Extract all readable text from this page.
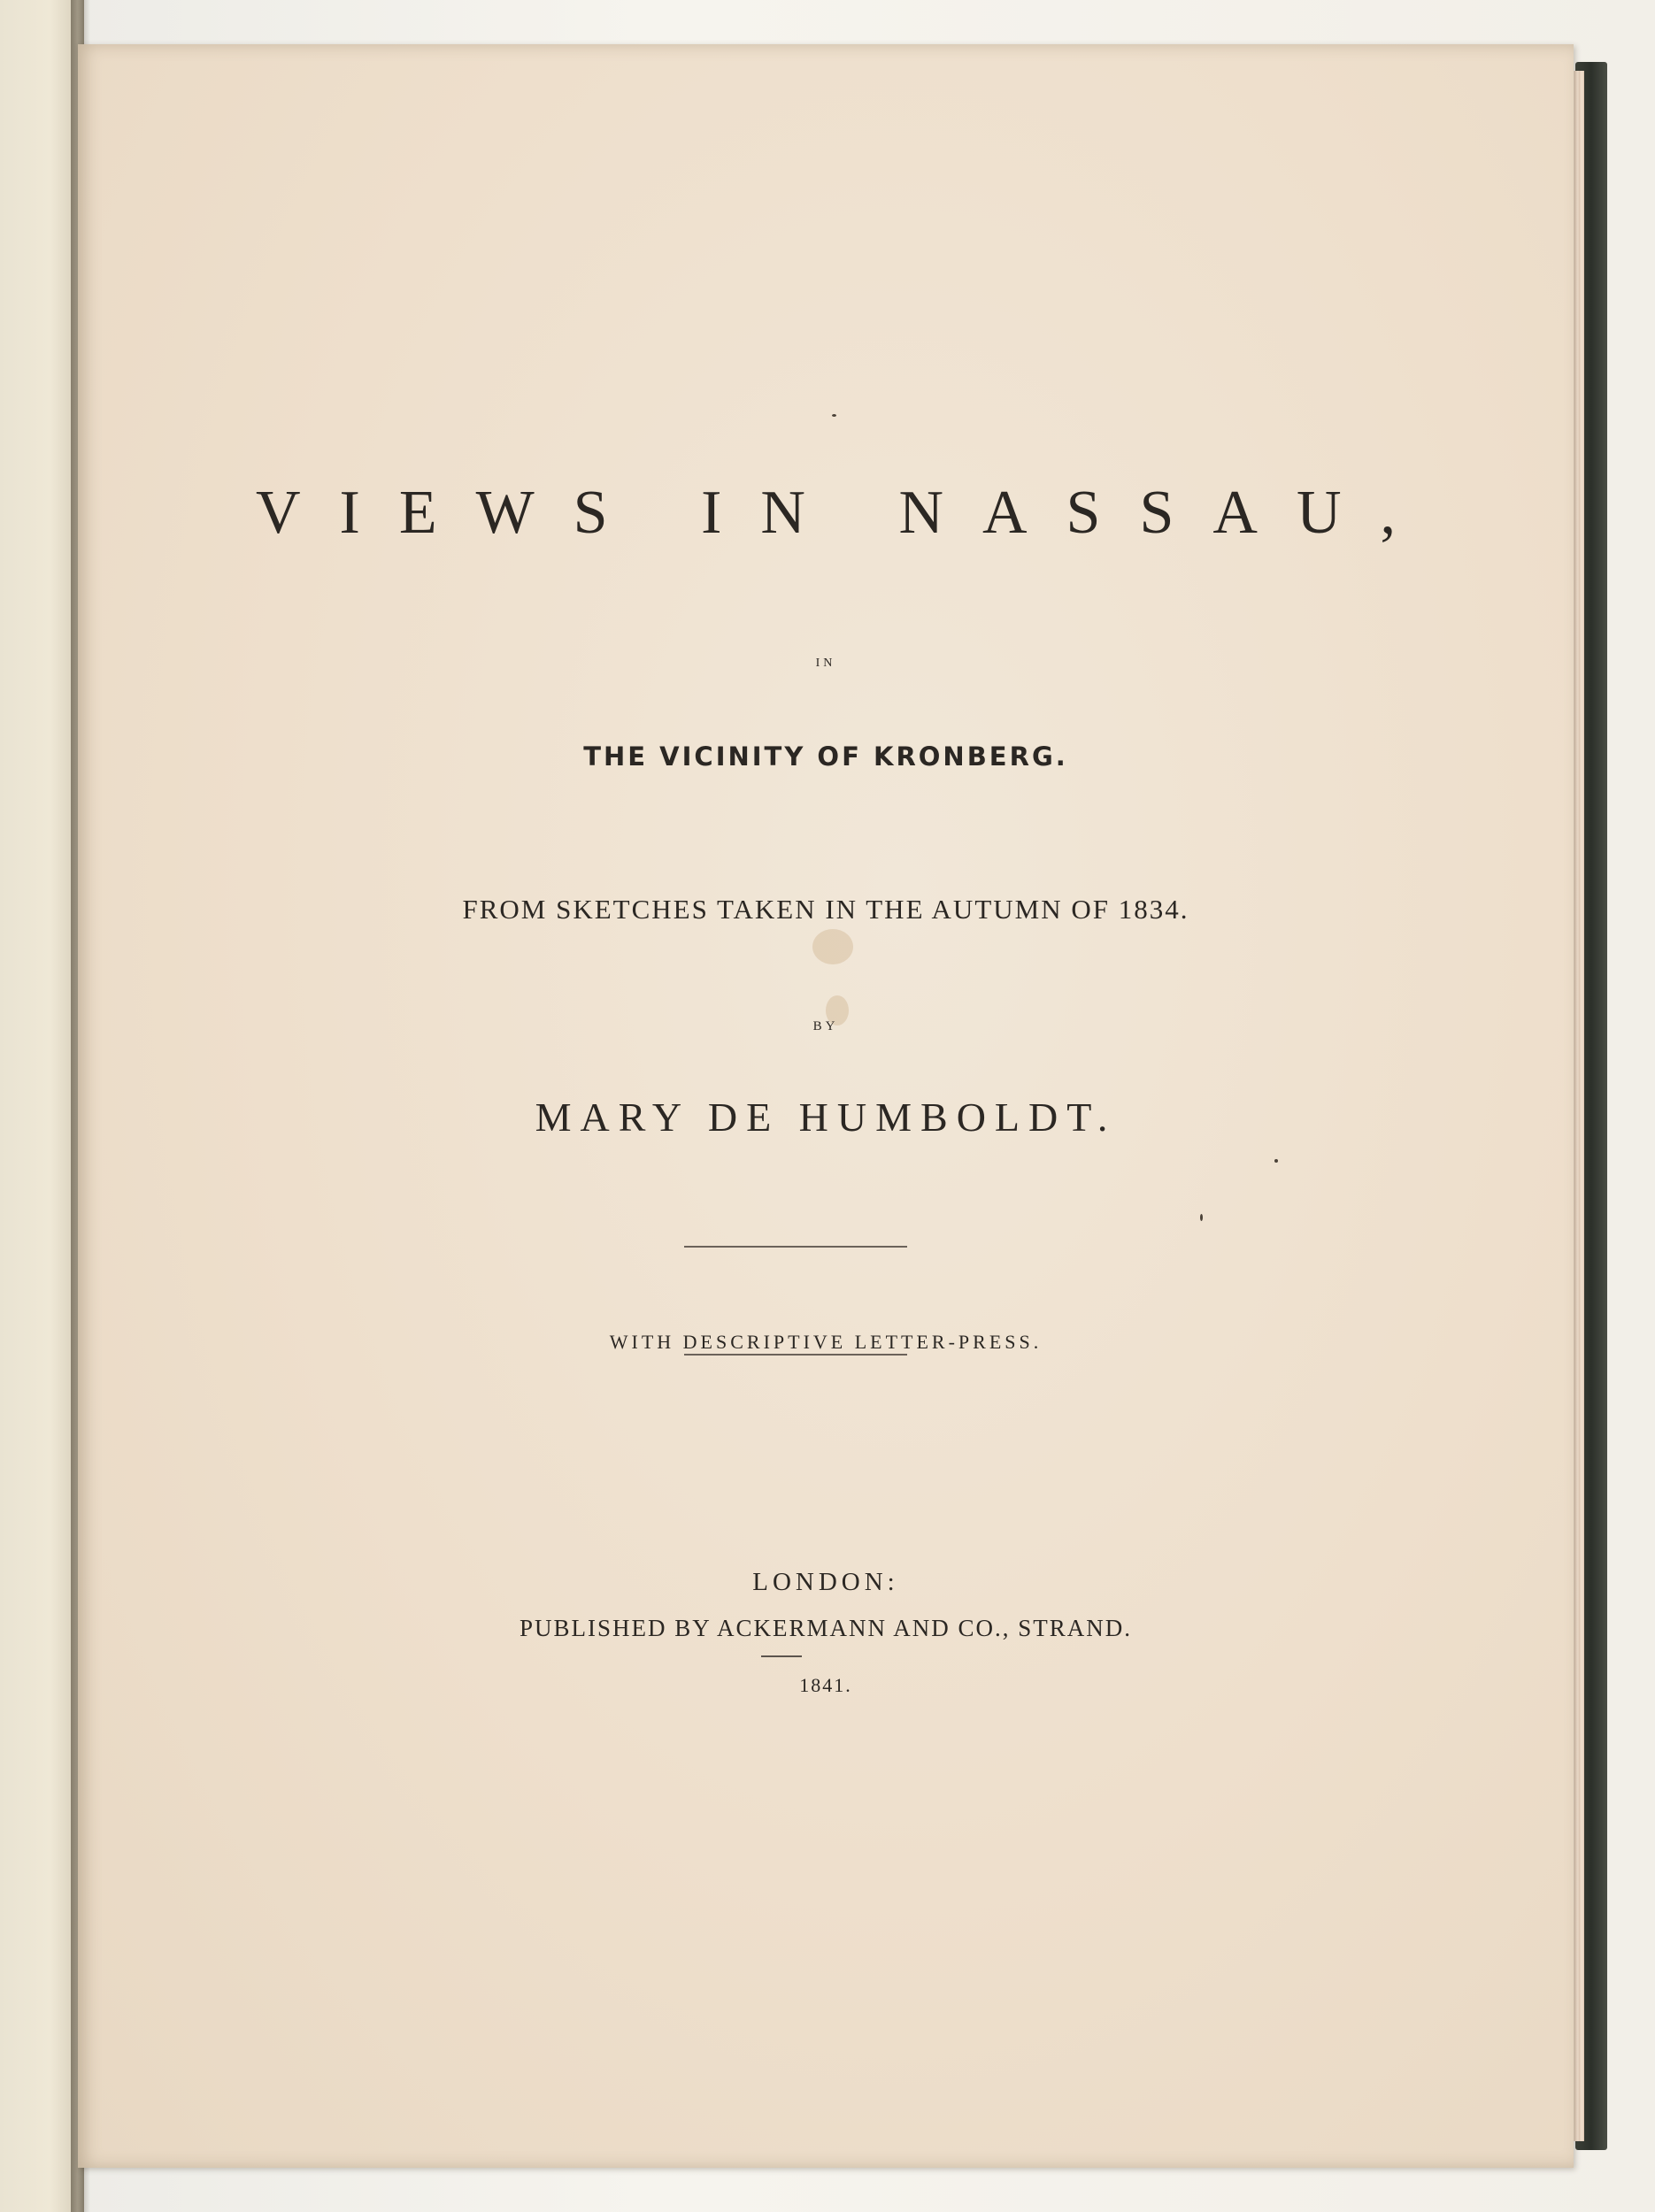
VIEWS IN NASSAU,
IN
THE VICINITY OF KRONBERG.
FROM SKETCHES TAKEN IN THE AUTUMN OF 1834.
BY
MARY DE HUMBOLDT.
WITH DESCRIPTIVE LETTER-PRESS.
LONDON:
PUBLISHED BY ACKERMANN AND CO., STRAND.
1841.
